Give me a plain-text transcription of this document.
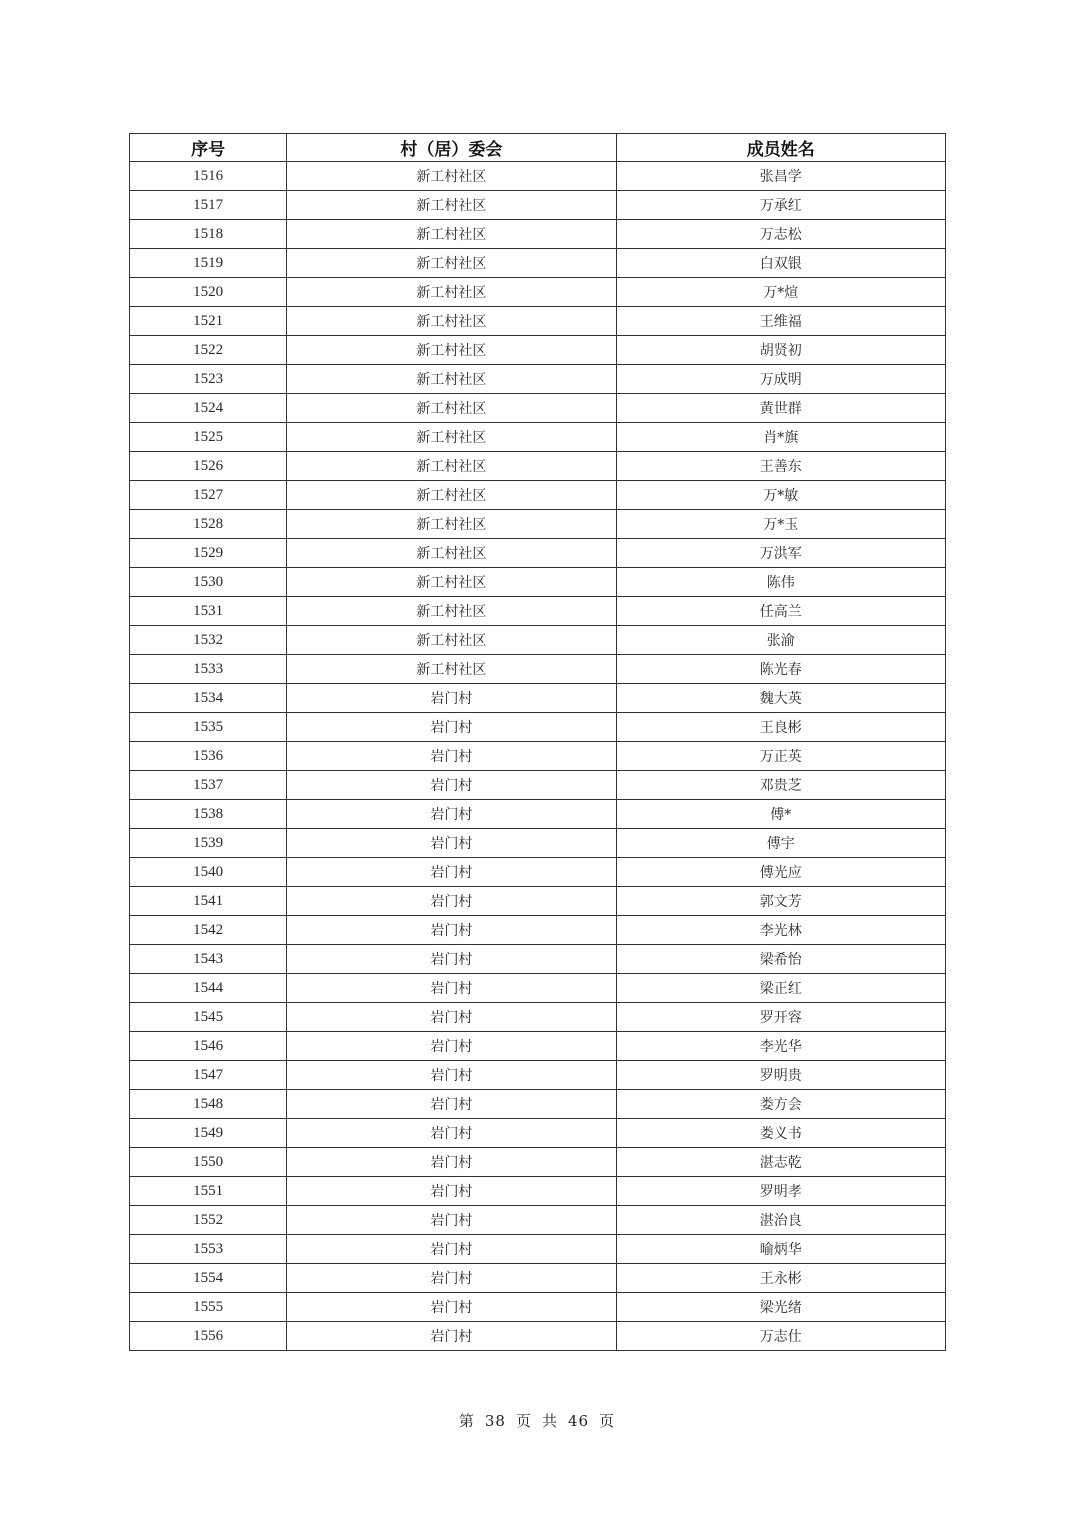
序号	村（居）委会	成员姓名
1516	新工村社区	张昌学
1517	新工村社区	万承红
1518	新工村社区	万志松
1519	新工村社区	白双银
1520	新工村社区	万*煊
1521	新工村社区	王维福
1522	新工村社区	胡贤初
1523	新工村社区	万成明
1524	新工村社区	黄世群
1525	新工村社区	肖*旗
1526	新工村社区	王善东
1527	新工村社区	万*敏
1528	新工村社区	万*玉
1529	新工村社区	万洪军
1530	新工村社区	陈伟
1531	新工村社区	任高兰
1532	新工村社区	张渝
1533	新工村社区	陈光春
1534	岩门村	魏大英
1535	岩门村	王良彬
1536	岩门村	万正英
1537	岩门村	邓贵芝
1538	岩门村	傅*
1539	岩门村	傅宇
1540	岩门村	傅光应
1541	岩门村	郭文芳
1542	岩门村	李光林
1543	岩门村	梁希怡
1544	岩门村	梁正红
1545	岩门村	罗开容
1546	岩门村	李光华
1547	岩门村	罗明贵
1548	岩门村	娄方会
1549	岩门村	娄义书
1550	岩门村	湛志乾
1551	岩门村	罗明孝
1552	岩门村	湛治良
1553	岩门村	喻炳华
1554	岩门村	王永彬
1555	岩门村	梁光绪
1556	岩门村	万志仕
第 38 页 共 46 页
